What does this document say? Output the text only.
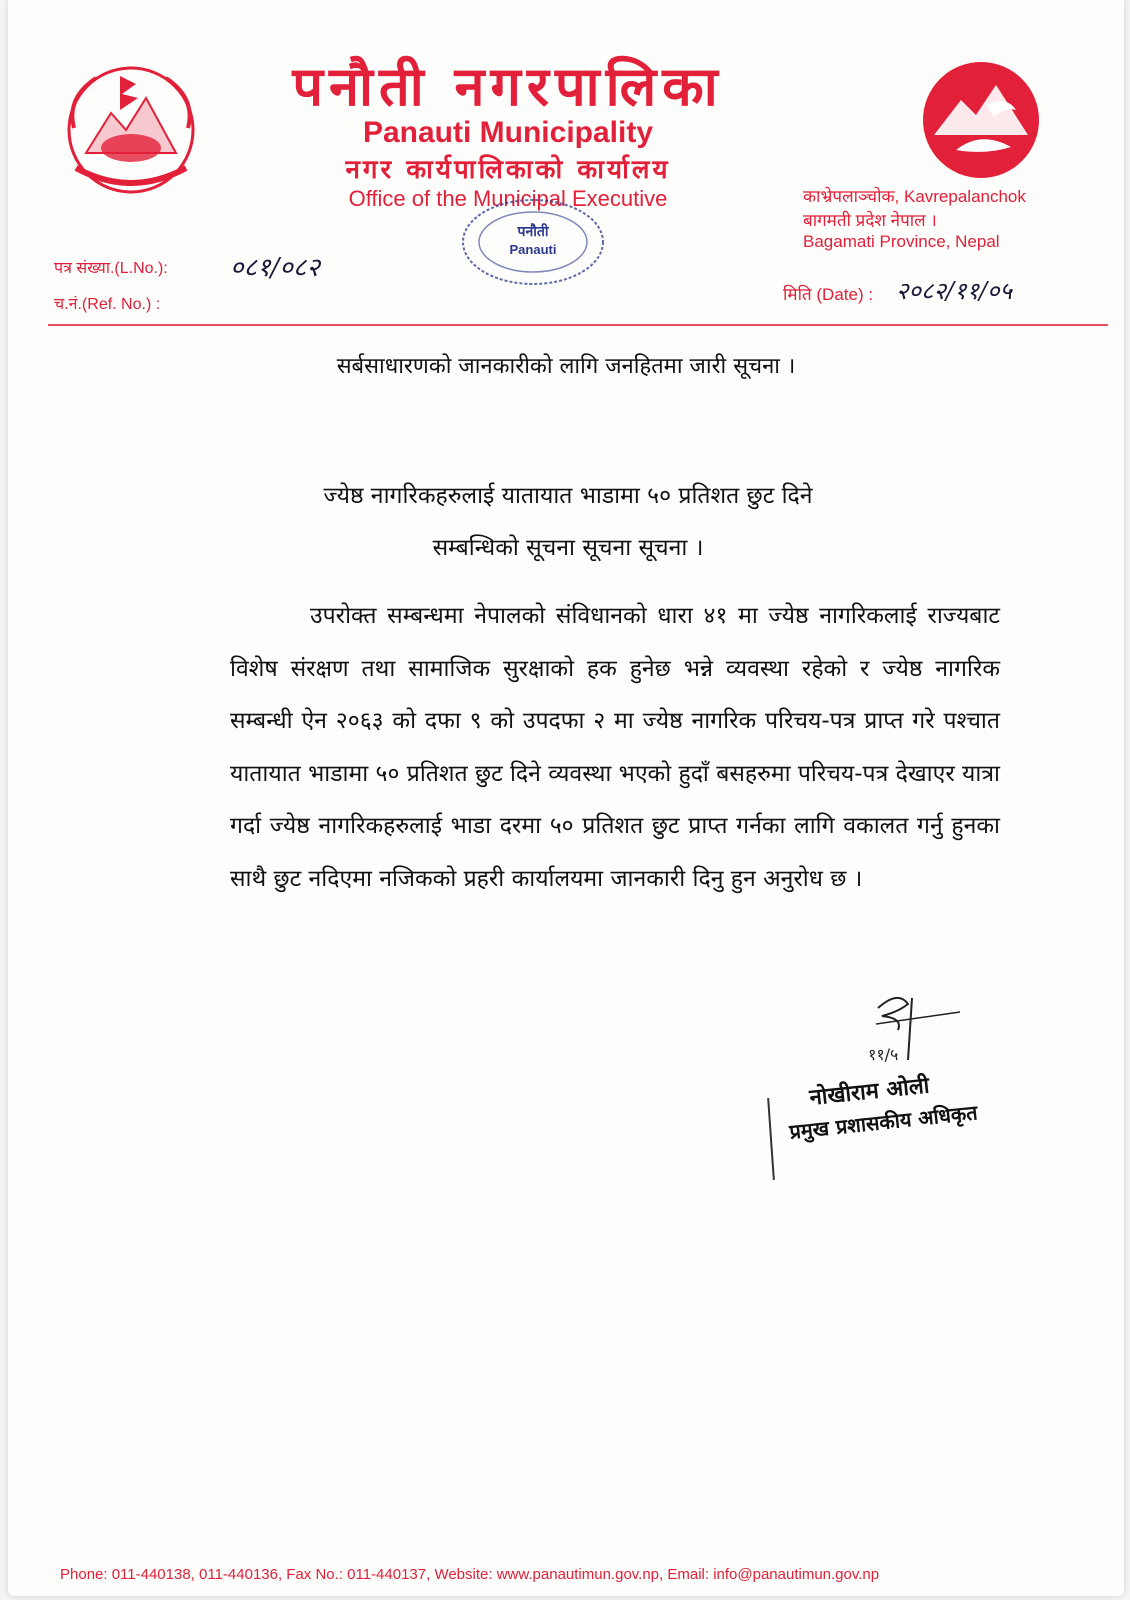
पनौती नगरपालिका
Panauti Municipality
नगर कार्यपालिकाको कार्यालय
Office of the Municipal Executive	काभ्रेपलाञ्चोक, Kavrepalanchok
बागमती प्रदेश नेपाल ।
Bagamati Province, Nepal
पनौती
Panauti
पत्र संख्या.(L.No.): ०८१/०८२
च.नं.(Ref. No.) :
मिति (Date) : २०८२/११/०५
सर्बसाधारणको जानकारीको लागि जनहितमा जारी सूचना ।
ज्येष्ठ नागरिकहरुलाई यातायात भाडामा ५० प्रतिशत छुट दिने
सम्बन्धिको सूचना सूचना सूचना ।
उपरोक्त सम्बन्धमा नेपालको संविधानको धारा ४१ मा ज्येष्ठ नागरिकलाई राज्यबाट विशेष संरक्षण तथा सामाजिक सुरक्षाको हक हुनेछ भन्ने व्यवस्था रहेको र ज्येष्ठ नागरिक सम्बन्धी ऐन २०६३ को दफा ९ को उपदफा २ मा ज्येष्ठ नागरिक परिचय-पत्र प्राप्त गरे पश्चात यातायात भाडामा ५० प्रतिशत छुट दिने व्यवस्था भएको हुदाँ बसहरुमा परिचय-पत्र देखाएर यात्रा गर्दा ज्येष्ठ नागरिकहरुलाई भाडा दरमा ५० प्रतिशत छुट प्राप्त गर्नका लागि वकालत गर्नु हुनका साथै छुट नदिएमा नजिकको प्रहरी कार्यालयमा जानकारी दिनु हुन अनुरोध छ ।
११/५
नोखीराम ओली
प्रमुख प्रशासकीय अधिकृत
Phone: 011-440138, 011-440136, Fax No.: 011-440137, Website: www.panautimun.gov.np, Email: info@panautimun.gov.np
